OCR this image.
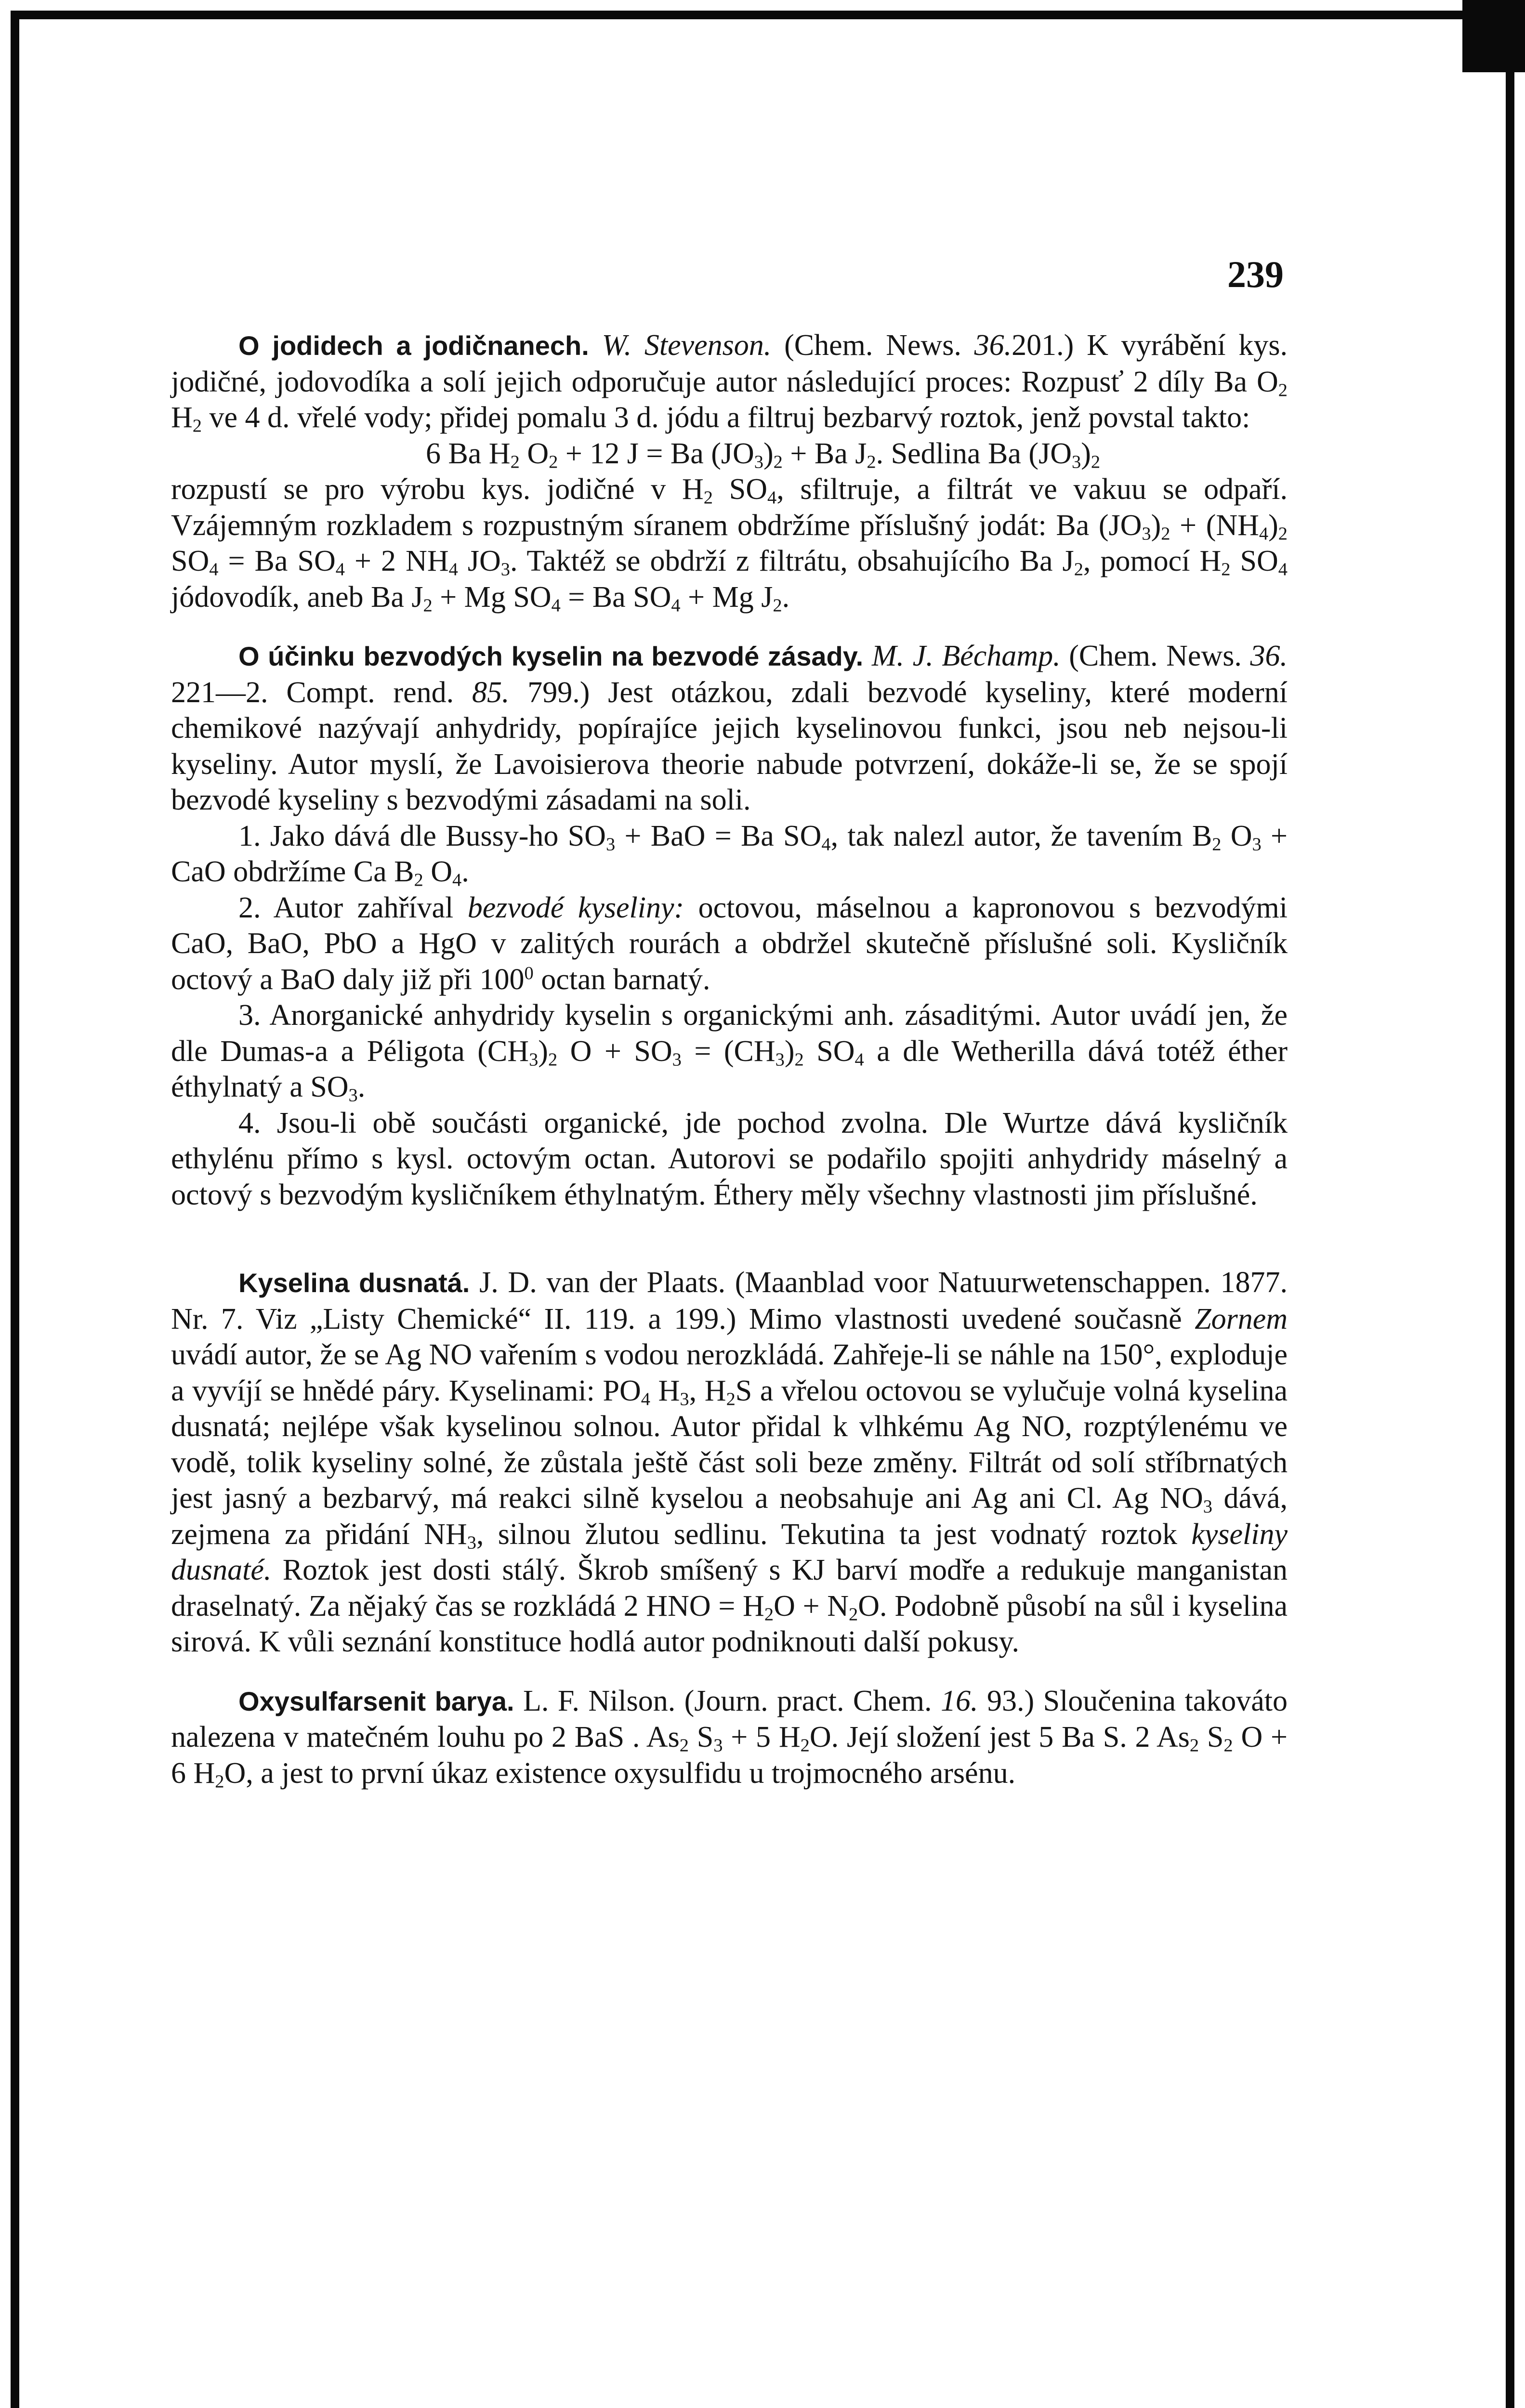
239

O jodidech a jodičnanech. W. Stevenson. (Chem. News. 36.201.) K vyrábění kys. jodičné, jodovodíka a solí jejich odporučuje autor následující proces: Rozpusť 2 díly Ba $O_2$ $H_2$ ve 4 d. vřelé vody; přidej pomalu 3 d. jódu a filtruj bezbarvý roztok, jenž povstal takto:
6 Ba $H_2$ $O_2 + 12$ J = Ba $(JO_3)_2 + Ba$ $J_2$. Sedlina Ba $(JO_3)_2$
rozpustí se pro výrobu kys. jodičné v $H_2$ $SO_4$, sfiltruje, a filtrát ve vakuu se odpaří. Vzájemným rozkladem s rozpustným síranem obdržíme příslušný jodát: Ba $(JO_3)_2 + (NH_4)_2$ $SO_4 = Ba$ $SO_4 + 2$ $NH_4$ $JO_3$. Taktéž se obdrží z filtrátu, obsahujícího Ba $J_2$, pomocí $H_2$ $SO_4$ jódovodík, aneb Ba $J_2 + Mg$ $SO_4 = Ba$ $SO_4 + Mg$ $J_2$.

O účinku bezvodých kyselin na bezvodé zásady. M. J. Béchamp. (Chem. News. 36. 221—2. Compt. rend. 85. 799.) Jest otázkou, zdali bezvodé kyseliny, které moderní chemikové nazývají anhydridy, popírajíce jejich kyselinovou funkci, jsou neb nejsou-li kyseliny. Autor myslí, že Lavoisierova theorie nabude potvrzení, dokáže-li se, že se spojí bezvodé kyseliny s bezvodými zásadami na soli.

1. Jako dává dle Bussy-ho $SO_3$ + BaO = Ba $SO_4$, tak nalezl autor, že tavením $B_2$ $O_3$ + CaO obdržíme Ca $B_2$ $O_4$.

2. Autor zahříval bezvodé kyseliny: octovou, máselnou a kapronovou s bezvodými CaO, BaO, PbO a HgO v zalitých rourách a obdržel skutečně příslušné soli. Kysličník octový a BaO daly již při $100^0$ octan barnatý.

3. Anorganické anhydridy kyselin s organickými anh. zásaditými. Autor uvádí jen, že dle Dumas-a a Péligota $(CH_3)_2$ $O + SO_3 = (CH_3)_2$ $SO_4$ a dle Wetherilla dává totéž éther éthylnatý a $SO_3$.

4. Jsou-li obě součásti organické, jde pochod zvolna. Dle Wurtze dává kysličník ethylénu přímo s kysl. octovým octan. Autorovi se podařilo spojiti anhydridy máselný a octový s bezvodým kysličníkem éthylnatým. Éthery měly všechny vlastnosti jim příslušné.

Kyselina dusnatá. J. D. van der Plaats. (Maanblad voor Natuurwetenschappen. 1877. Nr. 7. Viz „Listy Chemické“ II. 119. a 199.) Mimo vlastnosti uvedené současně Zornem uvádí autor, že se Ag NO vařením s vodou nerozkládá. Zahřeje-li se náhle na 150°, exploduje a vyvíjí se hnědé páry. Kyselinami: $PO_4$ $H_3$, $H_2S$ a vřelou octovou se vylučuje volná kyselina dusnatá; nejlépe však kyselinou solnou. Autor přidal k vlhkému Ag NO, rozptýlenému ve vodě, tolik kyseliny solné, že zůstala ještě část soli beze změny. Filtrát od solí stříbrnatých jest jasný a bezbarvý, má reakci silně kyselou a neobsahuje ani Ag ani Cl. Ag $NO_3$ dává, zejmena za přidání $NH_3$, silnou žlutou sedlinu. Tekutina ta jest vodnatý roztok kyseliny dusnaté. Roztok jest dosti stálý. Škrob smíšený s KJ barví modře a redukuje manganistan draselnatý. Za nějaký čas se rozkládá 2 HNO = $H_2O + N_2O$. Podobně působí na sůl i kyselina sirová. K vůli seznání konstituce hodlá autor podniknouti další pokusy.

Oxysulfarsenit barya. L. F. Nilson. (Journ. pract. Chem. 16. 93.) Sloučenina takováto nalezena v matečném louhu po 2 BaS . $As_2$ $S_3 + 5$ $H_2O$. Její složení jest 5 Ba S. 2 $As_2$ $S_2$ O + 6 $H_2O$, a jest to první úkaz existence oxysulfidu u trojmocného arsénu.
